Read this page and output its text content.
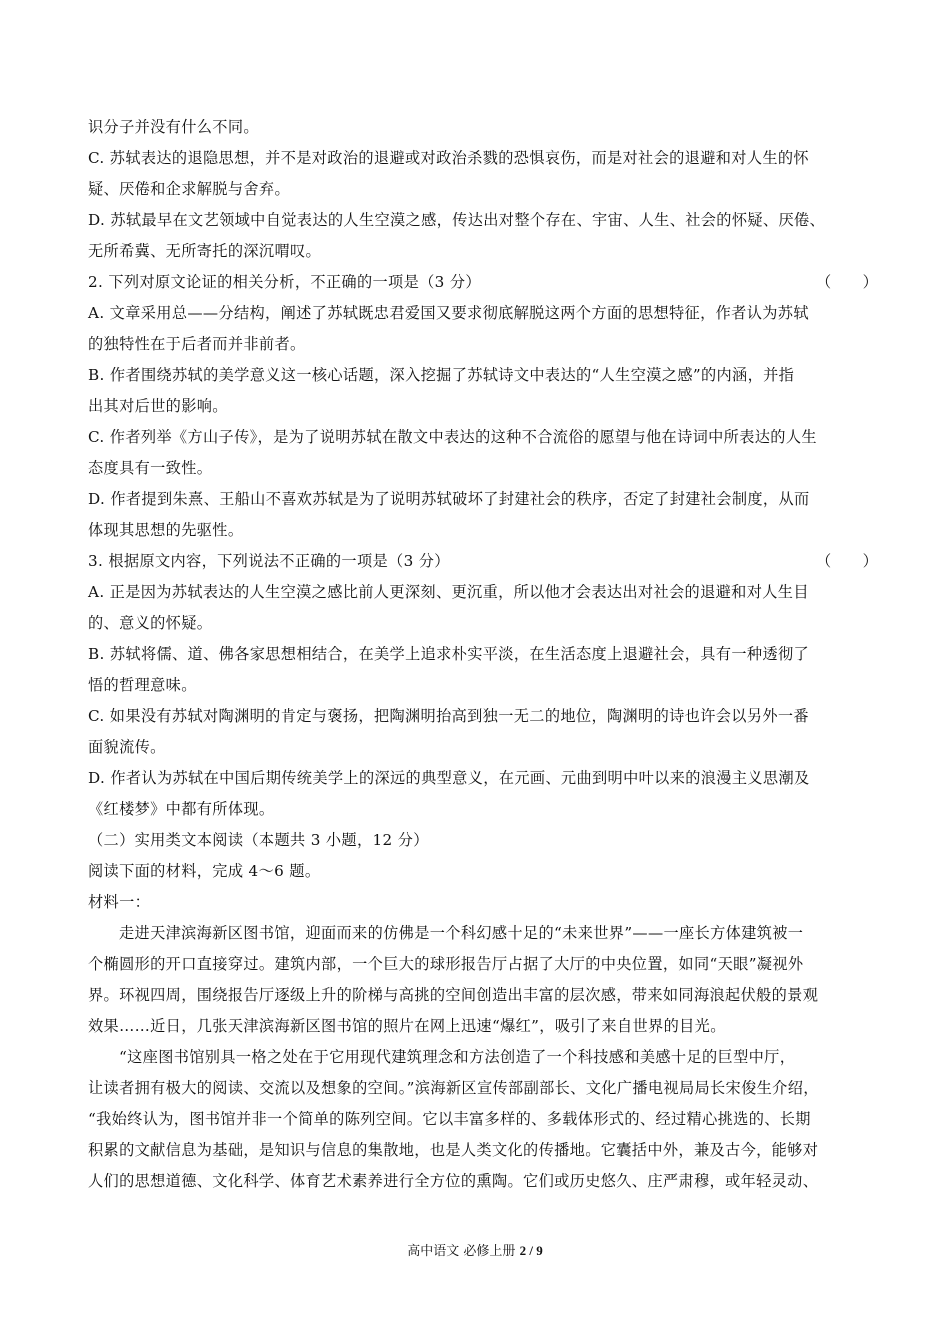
识分子并没有什么不同。
C. 苏轼表达的退隐思想，并不是对政治的退避或对政治杀戮的恐惧哀伤，而是对社会的退避和对人生的怀
疑、厌倦和企求解脱与舍弃。
D. 苏轼最早在文艺领域中自觉表达的人生空漠之感，传达出对整个存在、宇宙、人生、社会的怀疑、厌倦、
无所希冀、无所寄托的深沉喟叹。
2. 下列对原文论证的相关分析，不正确的一项是（3 分）	（　　）
A. 文章采用总——分结构，阐述了苏轼既忠君爱国又要求彻底解脱这两个方面的思想特征，作者认为苏轼
的独特性在于后者而并非前者。
B. 作者围绕苏轼的美学意义这一核心话题，深入挖掘了苏轼诗文中表达的“人生空漠之感”的内涵，并指
出其对后世的影响。
C. 作者列举《方山子传》，是为了说明苏轼在散文中表达的这种不合流俗的愿望与他在诗词中所表达的人生
态度具有一致性。
D. 作者提到朱熹、王船山不喜欢苏轼是为了说明苏轼破坏了封建社会的秩序，否定了封建社会制度，从而
体现其思想的先驱性。
3. 根据原文内容，下列说法不正确的一项是（3 分）	（　　）
A. 正是因为苏轼表达的人生空漠之感比前人更深刻、更沉重，所以他才会表达出对社会的退避和对人生目
的、意义的怀疑。
B. 苏轼将儒、道、佛各家思想相结合，在美学上追求朴实平淡，在生活态度上退避社会，具有一种透彻了
悟的哲理意味。
C. 如果没有苏轼对陶渊明的肯定与褒扬，把陶渊明抬高到独一无二的地位，陶渊明的诗也许会以另外一番
面貌流传。
D. 作者认为苏轼在中国后期传统美学上的深远的典型意义，在元画、元曲到明中叶以来的浪漫主义思潮及
《红楼梦》中都有所体现。
（二）实用类文本阅读（本题共 3 小题，12 分）
阅读下面的材料，完成 4～6 题。
材料一：
走进天津滨海新区图书馆，迎面而来的仿佛是一个科幻感十足的“未来世界”——一座长方体建筑被一
个椭圆形的开口直接穿过。建筑内部，一个巨大的球形报告厅占据了大厅的中央位置，如同“天眼”凝视外
界。环视四周，围绕报告厅逐级上升的阶梯与高挑的空间创造出丰富的层次感，带来如同海浪起伏般的景观
效果……近日，几张天津滨海新区图书馆的照片在网上迅速“爆红”，吸引了来自世界的目光。
“这座图书馆别具一格之处在于它用现代建筑理念和方法创造了一个科技感和美感十足的巨型中厅，
让读者拥有极大的阅读、交流以及想象的空间。”滨海新区宣传部副部长、文化广播电视局局长宋俊生介绍，
“我始终认为，图书馆并非一个简单的陈列空间。它以丰富多样的、多载体形式的、经过精心挑选的、长期
积累的文献信息为基础，是知识与信息的集散地，也是人类文化的传播地。它囊括中外，兼及古今，能够对
人们的思想道德、文化科学、体育艺术素养进行全方位的熏陶。它们或历史悠久、庄严肃穆，或年轻灵动、
高中语文 必修上册 2 / 9
